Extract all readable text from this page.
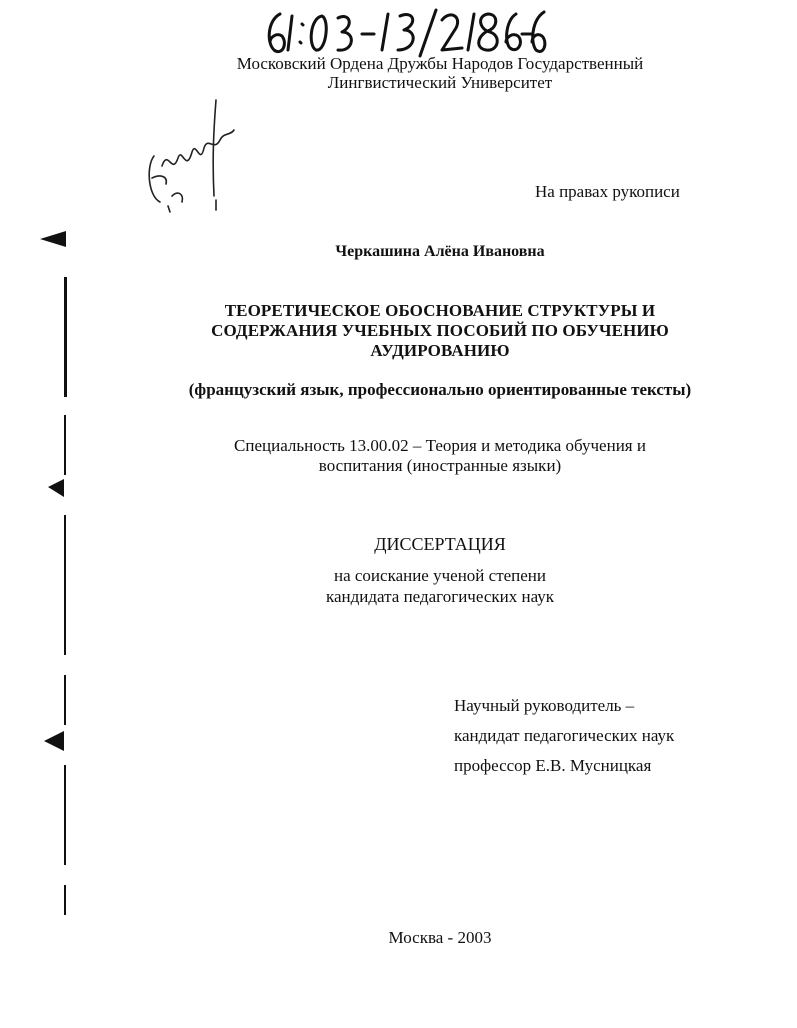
Московский Ордена Дружбы Народов Государственный
Лингвистический Университет
На правах рукописи
Черкашина Алёна Ивановна
ТЕОРЕТИЧЕСКОЕ ОБОСНОВАНИЕ СТРУКТУРЫ И
СОДЕРЖАНИЯ УЧЕБНЫХ ПОСОБИЙ ПО ОБУЧЕНИЮ
АУДИРОВАНИЮ
(французский язык, профессионально ориентированные тексты)
Специальность 13.00.02 – Теория и методика обучения и
воспитания (иностранные языки)
ДИССЕРТАЦИЯ
на соискание ученой степени
кандидата педагогических наук
Научный руководитель –
кандидат педагогических наук
профессор Е.В. Мусницкая
Москва - 2003
